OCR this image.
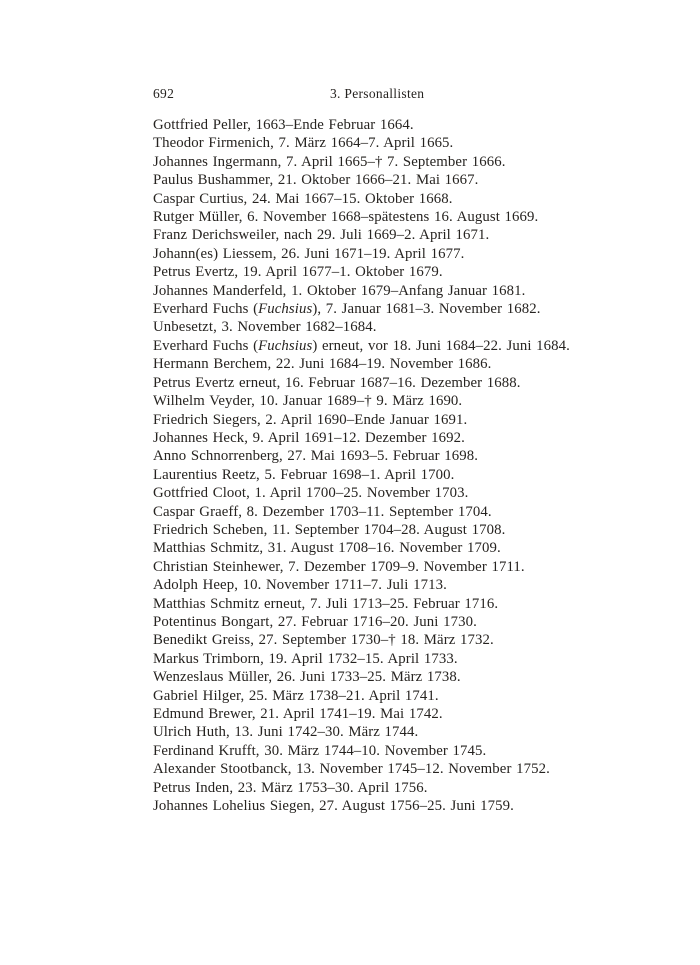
692	3. Personallisten

Gottfried Peller, 1663–Ende Februar 1664.

Theodor Firmenich, 7. März 1664–7. April 1665.

Johannes Ingermann, 7. April 1665–† 7. September 1666.

Paulus Bushammer, 21. Oktober 1666–21. Mai 1667.

Caspar Curtius, 24. Mai 1667–15. Oktober 1668.

Rutger Müller, 6. November 1668–spätestens 16. August 1669.

Franz Derichsweiler, nach 29. Juli 1669–2. April 1671.

Johann(es) Liessem, 26. Juni 1671–19. April 1677.

Petrus Evertz, 19. April 1677–1. Oktober 1679.

Johannes Manderfeld, 1. Oktober 1679–Anfang Januar 1681.

Everhard Fuchs (Fuchsius), 7. Januar 1681–3. November 1682.

Unbesetzt, 3. November 1682–1684.

Everhard Fuchs (Fuchsius) erneut, vor 18. Juni 1684–22. Juni 1684.

Hermann Berchem, 22. Juni 1684–19. November 1686.

Petrus Evertz erneut, 16. Februar 1687–16. Dezember 1688.

Wilhelm Veyder, 10. Januar 1689–† 9. März 1690.

Friedrich Siegers, 2. April 1690–Ende Januar 1691.

Johannes Heck, 9. April 1691–12. Dezember 1692.

Anno Schnorrenberg, 27. Mai 1693–5. Februar 1698.

Laurentius Reetz, 5. Februar 1698–1. April 1700.

Gottfried Cloot, 1. April 1700–25. November 1703.

Caspar Graeff, 8. Dezember 1703–11. September 1704.

Friedrich Scheben, 11. September 1704–28. August 1708.

Matthias Schmitz, 31. August 1708–16. November 1709.

Christian Steinhewer, 7. Dezember 1709–9. November 1711.

Adolph Heep, 10. November 1711–7. Juli 1713.

Matthias Schmitz erneut, 7. Juli 1713–25. Februar 1716.

Potentinus Bongart, 27. Februar 1716–20. Juni 1730.

Benedikt Greiss, 27. September 1730–† 18. März 1732.

Markus Trimborn, 19. April 1732–15. April 1733.

Wenzeslaus Müller, 26. Juni 1733–25. März 1738.

Gabriel Hilger, 25. März 1738–21. April 1741.

Edmund Brewer, 21. April 1741–19. Mai 1742.

Ulrich Huth, 13. Juni 1742–30. März 1744.

Ferdinand Krufft, 30. März 1744–10. November 1745.

Alexander Stootbanck, 13. November 1745–12. November 1752.

Petrus Inden, 23. März 1753–30. April 1756.

Johannes Lohelius Siegen, 27. August 1756–25. Juni 1759.
